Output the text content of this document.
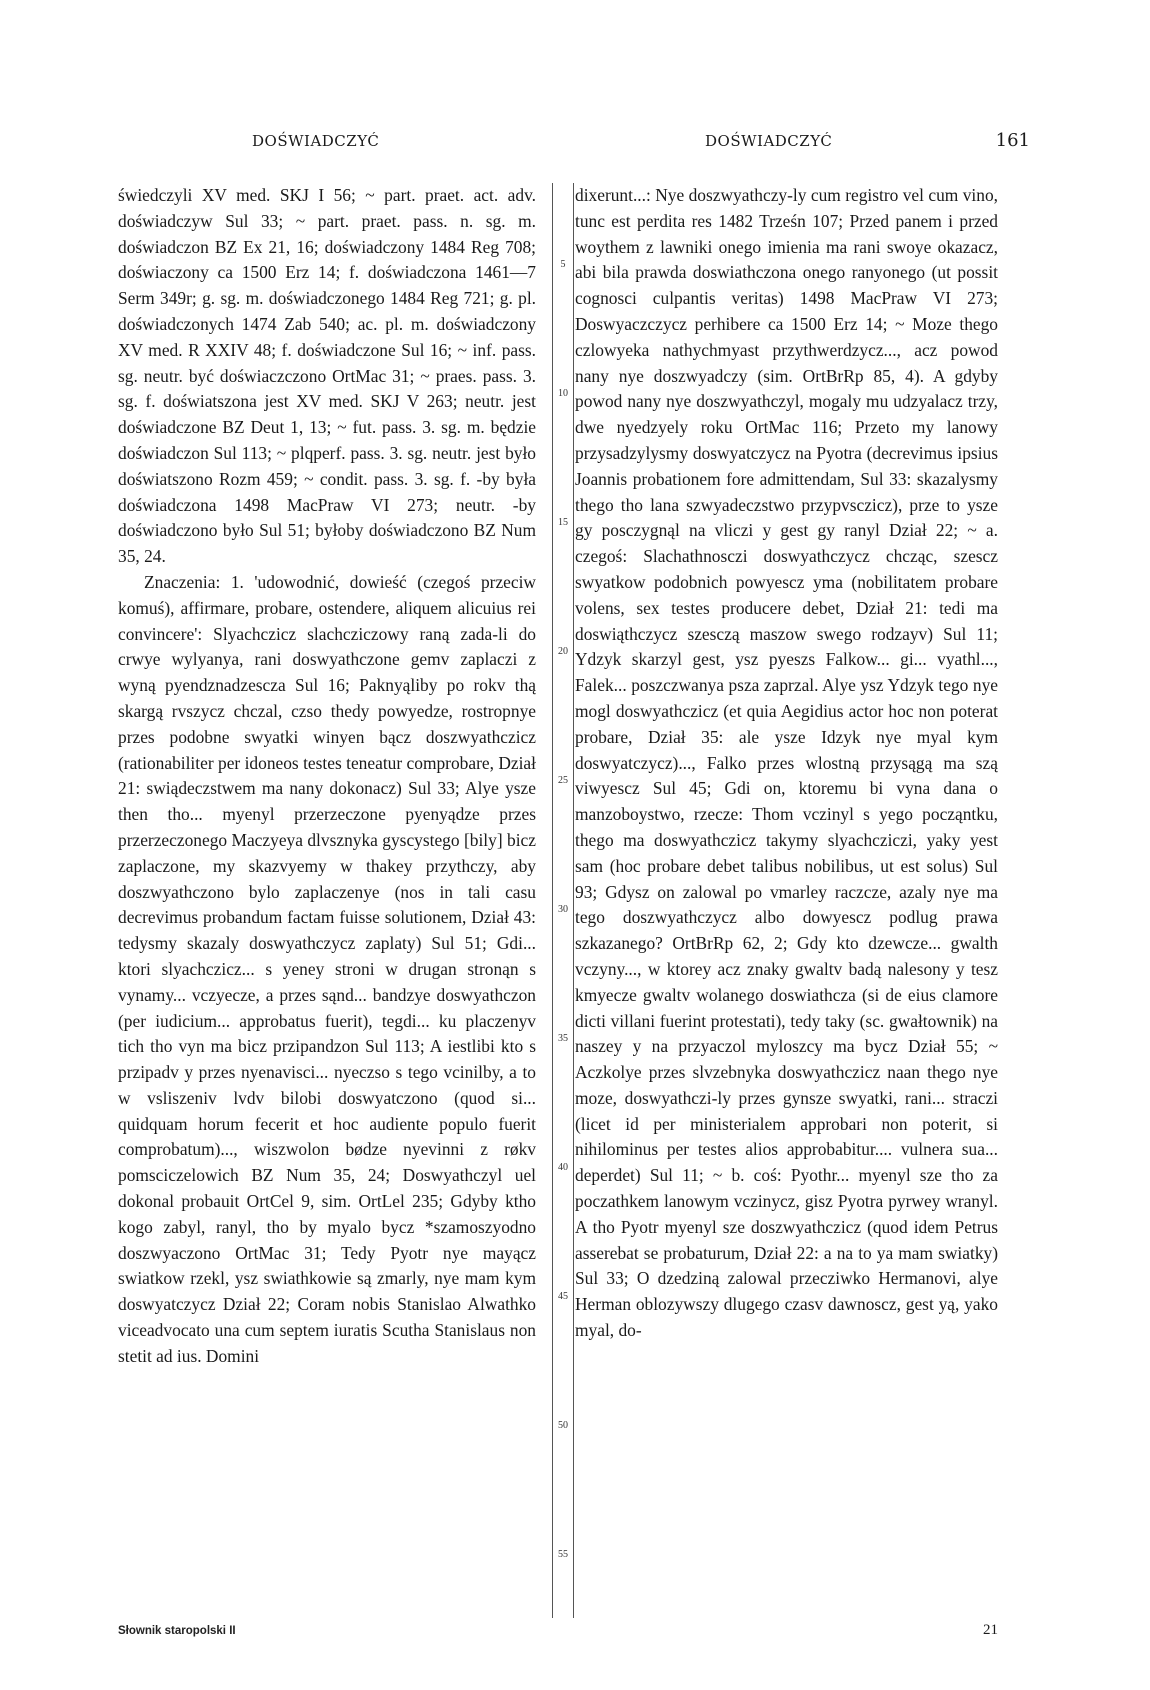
DOŚWIADCZYĆ	DOŚWIADCZYĆ	161

świedczyli XV med. SKJ I 56; ~ part. praet. act. adv. doświadczyw Sul 33; ~ part. praet. pass. n. sg. m. doświadczon BZ Ex 21, 16; doświadczony 1484 Reg 708; doświaczony ca 1500 Erz 14; f. doświadczona 1461—7 Serm 349r; g. sg. m. doświadczonego 1484 Reg 721; g. pl. doświadczonych 1474 Zab 540; ac. pl. m. doświadczony XV med. R XXIV 48; f. doświadczone Sul 16; ~ inf. pass. sg. neutr. być doświaczczono OrtMac 31; ~ praes. pass. 3. sg. f. doświatszona jest XV med. SKJ V 263; neutr. jest doświadczone BZ Deut 1, 13; ~ fut. pass. 3. sg. m. będzie doświadczon Sul 113; ~ plqperf. pass. 3. sg. neutr. jest było doświatszono Rozm 459; ~ condit. pass. 3. sg. f. -by była doświadczona 1498 MacPraw VI 273; neutr. -by doświadczono było Sul 51; byłoby doświadczono BZ Num 35, 24.

Znaczenia: 1. 'udowodnić, dowieść (czegoś przeciw komuś), affirmare, probare, ostendere, aliquem alicuius rei convincere': Slyachczicz slachcziczowy raną zada-li do crwye wylyanya, rani doswyathczone gemv zaplaczi z wyną pyendznadzescza Sul 16; Paknyąliby po rokv thą skargą rvszycz chczal, czso thedy powyedze, rostropnye przes podobne swyatki winyen bącz doszwyathczicz (rationabiliter per idoneos testes teneatur comprobare, Dział 21: swiądeczstwem ma nany dokonacz) Sul 33; Alye ysze then tho... myenyl przerzeczone pyenyądze przes przerzeczonego Maczyeya dlvsznyka gyscystego [bily] bicz zaplaczone, my skazvyemy w thakey przythczy, aby doszwyathczono bylo zaplaczenye (nos in tali casu decrevimus probandum factam fuisse solutionem, Dział 43: tedysmy skazaly doswyathczycz zaplaty) Sul 51; Gdi... ktori slyachczicz... s yeney stroni w drugan stronąn s vynamy... vczyecze, a przes sąnd... bandzye doswyathczon (per iudicium... approbatus fuerit), tegdi... ku placzenyv tich tho vyn ma bicz przipandzon Sul 113; A iestlibi kto s przipadv y przes nyenavisci... nyeczso s tego vcinilby, a to w vsliszeniv lvdv bilobi doswyatczono (quod si... quidquam horum fecerit et hoc audiente populo fuerit comprobatum)..., wiszwolon bødze nyevinni z røkv pomsciczelowich BZ Num 35, 24; Doswyathczyl uel dokonal probauit OrtCel 9, sim. OrtLel 235; Gdyby ktho kogo zabyl, ranyl, tho by myalo bycz *szamoszyodno doszwyaczono OrtMac 31; Tedy Pyotr nye mayącz swiatkow rzekl, ysz swiathkowie są zmarly, nye mam kym doswyatczycz Dział 22; Coram nobis Stanislao Alwathko viceadvocato una cum septem iuratis Scutha Stanislaus non stetit ad ius. Domini

5
10
15
20
25
30
35
40
45
50
55

dixerunt...: Nye doszwyathczy-ly cum registro vel cum vino, tunc est perdita res 1482 Trześn 107; Przed panem i przed woythem z lawniki onego imienia ma rani swoye okazacz, abi bila prawda doswiathczona onego ranyonego (ut possit cognosci culpantis veritas) 1498 MacPraw VI 273; Doswyaczczycz perhibere ca 1500 Erz 14; ~ Moze thego czlowyeka nathychmyast przythwerdzycz..., acz powod nany nye doszwyadczy (sim. OrtBrRp 85, 4). A gdyby powod nany nye doszwyathczyl, mogaly mu udzyalacz trzy, dwe nyedzyely roku OrtMac 116; Przeto my lanowy przysadzylysmy doswyatczycz na Pyotra (decrevimus ipsius Joannis probationem fore admittendam, Sul 33: skazalysmy thego tho lana szwyadeczstwo przypvsczicz), prze to ysze gy posczygnąl na vliczi y gest gy ranyl Dział 22; ~ a. czegoś: Slachathnosczi doswyathczycz chcząc, szescz swyatkow podobnich powyescz yma (nobilitatem probare volens, sex testes producere debet, Dział 21: tedi ma doswiąthczycz szesczą maszow swego rodzayv) Sul 11; Ydzyk skarzyl gest, ysz pyeszs Falkow... gi... vyathl..., Falek... poszczwanya psza zaprzal. Alye ysz Ydzyk tego nye mogl doswyathczicz (et quia Aegidius actor hoc non poterat probare, Dział 35: ale ysze Idzyk nye myal kym doswyatczycz)..., Falko przes wlostną przysągą ma szą viwyescz Sul 45; Gdi on, ktoremu bi vyna dana o manzoboystwo, rzecze: Thom vczinyl s yego począntku, thego ma doswyathczicz takymy slyachcziczi, yaky yest sam (hoc probare debet talibus nobilibus, ut est solus) Sul 93; Gdysz on zalowal po vmarley raczcze, azaly nye ma tego doszwyathczycz albo dowyescz podlug prawa szkazanego? OrtBrRp 62, 2; Gdy kto dzewcze... gwalth vczyny..., w ktorey acz znaky gwaltv badą nalesony y tesz kmyecze gwaltv wolanego doswiathcza (si de eius clamore dicti villani fuerint protestati), tedy taky (sc. gwałtownik) na naszey y na przyaczol myloszcy ma bycz Dział 55; ~ Aczkolye przes slvzebnyka doswyathczicz naan thego nye moze, doswyathczi-ly przes gynsze swyatki, rani... straczi (licet id per ministerialem approbari non poterit, si nihilominus per testes alios approbabitur.... vulnera sua... deperdet) Sul 11; ~ b. coś: Pyothr... myenyl sze tho za poczathkem lanowym vczinycz, gisz Pyotra pyrwey wranyl. A tho Pyotr myenyl sze doszwyathczicz (quod idem Petrus asserebat se probaturum, Dział 22: a na to ya mam swiatky) Sul 33; O dzedziną zalowal przecziwko Hermanovi, alye Herman oblozywszy dlugego czasv dawnoscz, gest yą, yako myal, do-

Słownik staropolski II	21
